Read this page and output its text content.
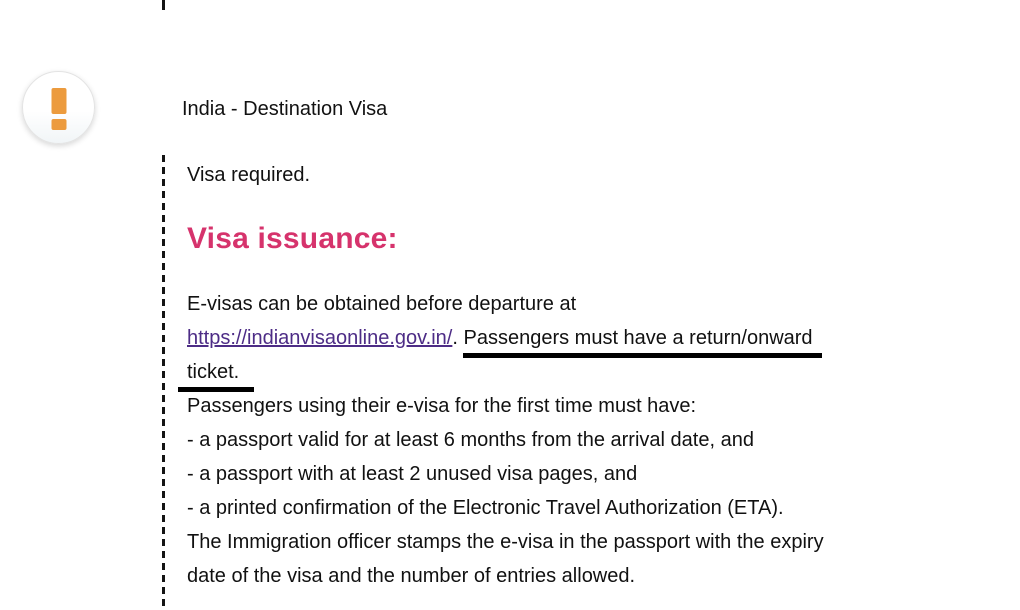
India - Destination Visa

Visa required.

Visa issuance:
E-visas can be obtained before departure at
https://indianvisaonline.gov.in/. Passengers must have a return/onward
ticket.
Passengers using their e-visa for the first time must have:
- a passport valid for at least 6 months from the arrival date, and
- a passport with at least 2 unused visa pages, and
- a printed confirmation of the Electronic Travel Authorization (ETA).
The Immigration officer stamps the e-visa in the passport with the expiry
date of the visa and the number of entries allowed.
